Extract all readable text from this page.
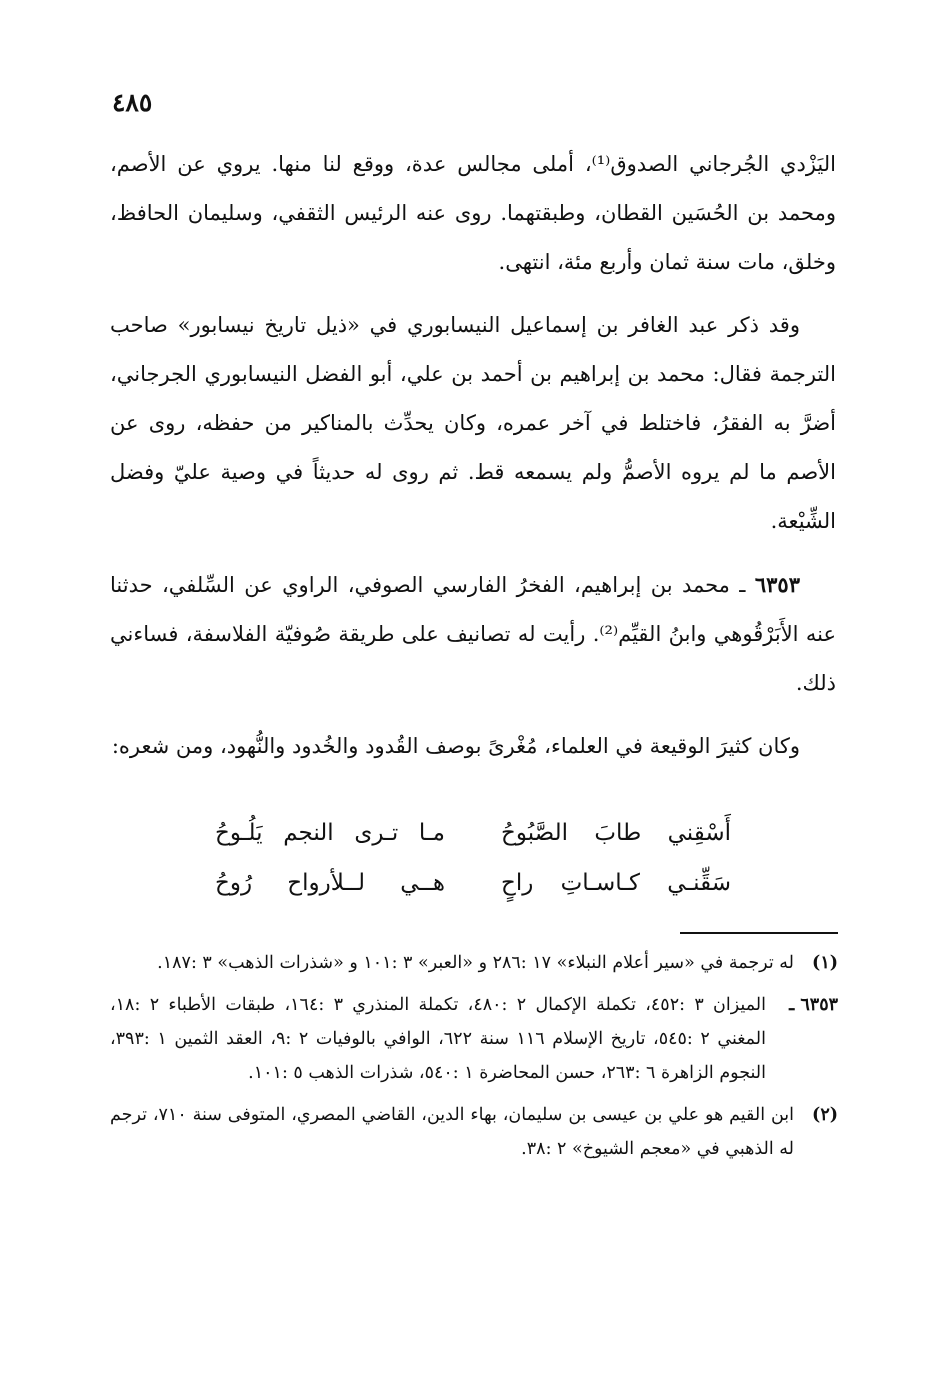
٤٨٥

اليَزْدي الجُرجاني الصدوق⁽¹⁾، أملى مجالس عدة، ووقع لنا منها. يروي عن الأصم، ومحمد بن الحُسَين القطان، وطبقتهما. روى عنه الرئيس الثقفي، وسليمان الحافظ، وخلق، مات سنة ثمان وأربع مئة، انتهى.

وقد ذكر عبد الغافر بن إسماعيل النيسابوري في «ذيل تاريخ نيسابور» صاحب الترجمة فقال: محمد بن إبراهيم بن أحمد بن علي، أبو الفضل النيسابوري الجرجاني، أضرَّ به الفقرُ، فاختلط في آخر عمره، وكان يحدِّث بالمناكير من حفظه، روى عن الأصم ما لم يروه الأصمُّ ولم يسمعه قط. ثم روى له حديثاً في وصية عليّ وفضل الشِّيْعة.

٦٣٥٣ ـ محمد بن إبراهيم، الفخرُ الفارسي الصوفي، الراوي عن السِّلفي، حدثنا عنه الأَبَرْقُوهي وابنُ القيِّم⁽²⁾. رأيت له تصانيف على طريقة صُوفيّة الفلاسفة، فساءني ذلك.

وكان كثيرَ الوقيعة في العلماء، مُغْرىً بوصف القُدود والخُدود والنُّهود، ومن شعره:

أَسْقِني طابَ الصَّبُوحُ
مـا تـرى النجم يَلُـوحُ
سَقِّنـي كـاسـاتِ راحٍ
هــي لــلأرواح رُوحُ
(١)
له ترجمة في «سير أعلام النبلاء» ١٧ :٢٨٦ و «العبر» ٣ :١٠١ و «شذرات الذهب» ٣ :١٨٧.
٦٣٥٣ ـ
الميزان ٣ :٤٥٢، تكملة الإكمال ٢ :٤٨٠، تكملة المنذري ٣ :١٦٤، طبقات الأطباء ٢ :١٨، المغني ٢ :٥٤٥، تاريخ الإسلام ١١٦ سنة ٦٢٢، الوافي بالوفيات ٢ :٩، العقد الثمين ١ :٣٩٣، النجوم الزاهرة ٦ :٢٦٣، حسن المحاضرة ١ :٥٤٠، شذرات الذهب ٥ :١٠١.
(٢)
ابن القيم هو علي بن عيسى بن سليمان، بهاء الدين، القاضي المصري، المتوفى سنة ٧١٠، ترجم له الذهبي في «معجم الشيوخ» ٢ :٣٨.
